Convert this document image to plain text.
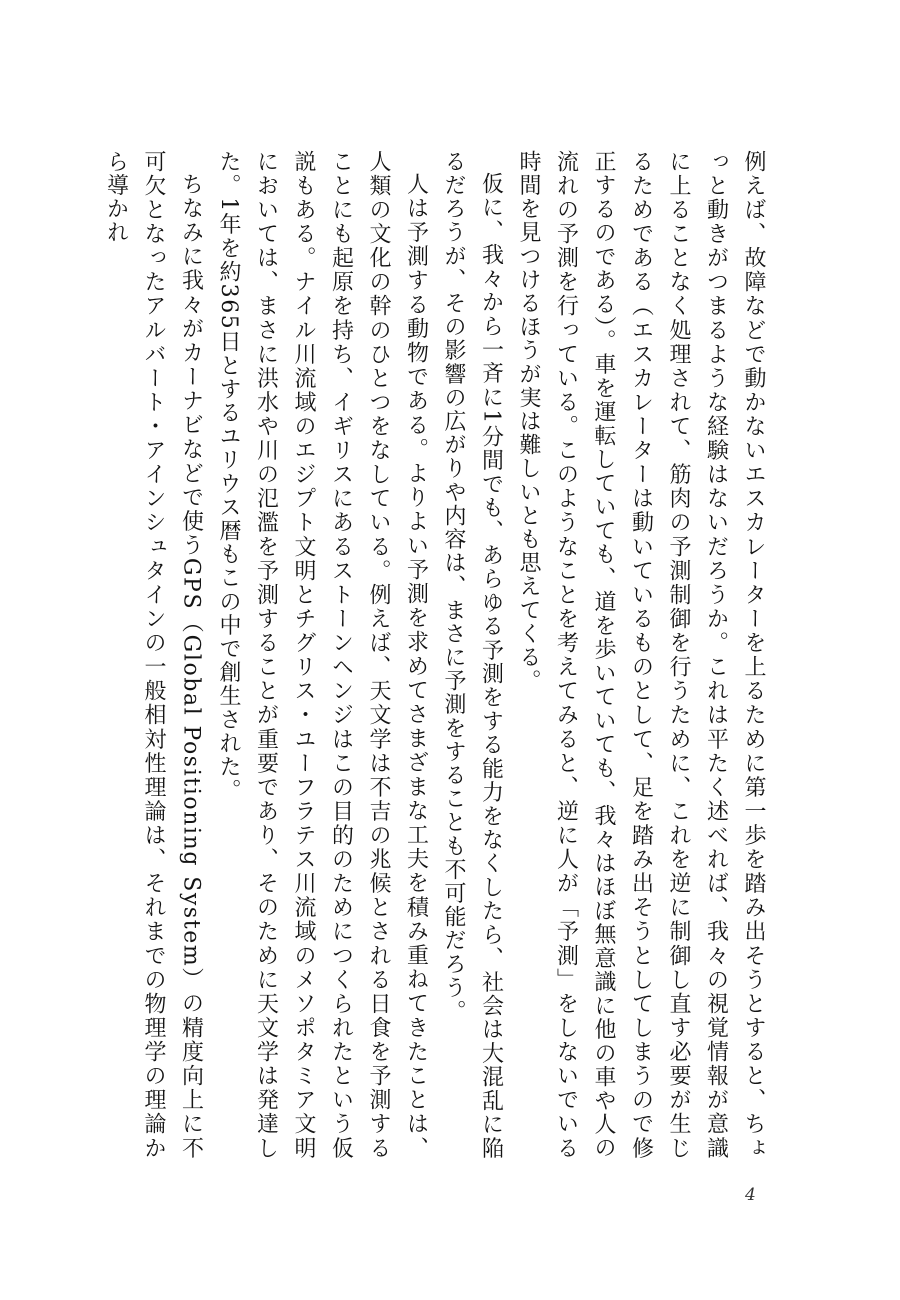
例えば、故障などで動かないエスカレーターを上るために第一歩を踏み出そうとすると、ちょっと動きがつまるような経験はないだろうか。これは平たく述べれば、我々の視覚情報が意識に上ることなく処理されて、筋肉の予測制御を行うために、これを逆に制御し直す必要が生じるためである（エスカレーターは動いているものとして、足を踏み出そうとしてしまうので修正するのである）。車を運転していても、道を歩いていても、我々はほぼ無意識に他の車や人の流れの予測を行っている。このようなことを考えてみると、逆に人が「予測」をしないでいる時間を見つけるほうが実は難しいとも思えてくる。

仮に、我々から一斉に1分間でも、あらゆる予測をする能力をなくしたら、社会は大混乱に陥るだろうが、その影響の広がりや内容は、まさに予測をすることも不可能だろう。

人は予測する動物である。よりよい予測を求めてさまざまな工夫を積み重ねてきたことは、人類の文化の幹のひとつをなしている。例えば、天文学は不吉の兆候とされる日食を予測することにも起原を持ち、イギリスにあるストーンヘンジはこの目的のためにつくられたという仮説もある。ナイル川流域のエジプト文明とチグリス・ユーフラテス川流域のメソポタミア文明においては、まさに洪水や川の氾濫を予測することが重要であり、そのために天文学は発達した。1年を約365日とするユリウス暦もこの中で創生された。

ちなみに我々がカーナビなどで使うGPS（Global Positioning System）の精度向上に不可欠となったアルバート・アインシュタインの一般相対性理論は、それまでの物理学の理論から導かれ

4
